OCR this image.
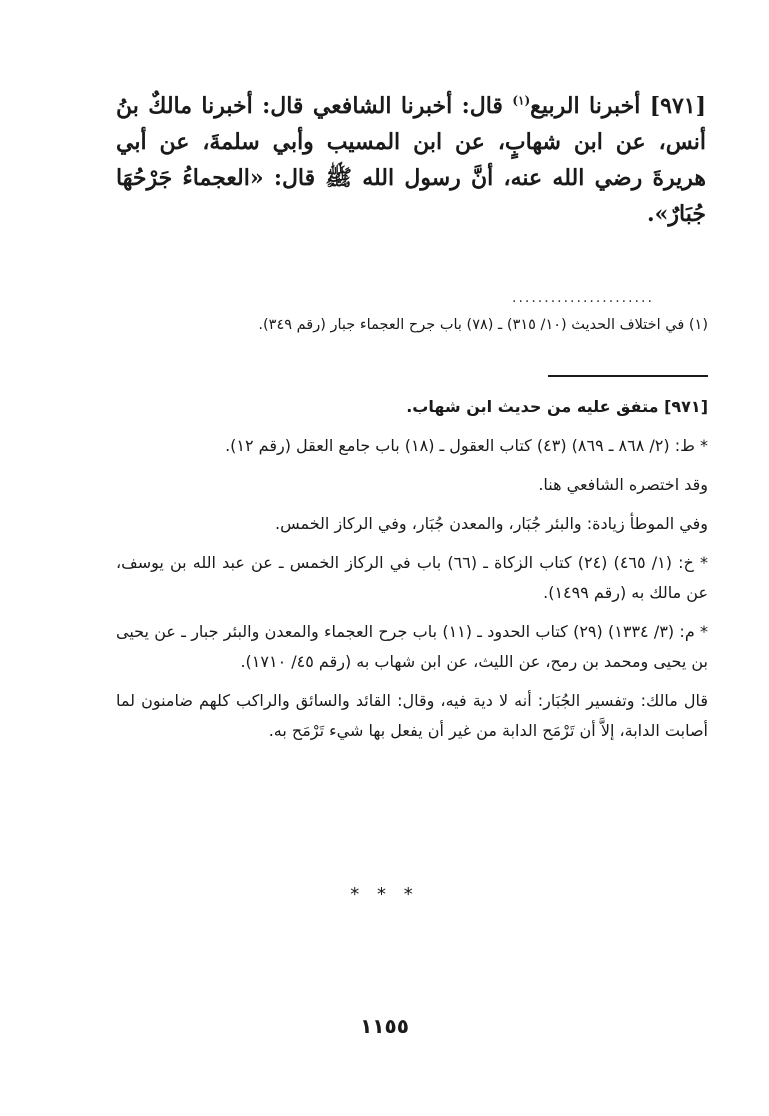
[٩٧١] أخبرنا الربيع$^{(١)}$ قال: أخبرنا الشافعي قال: أخبرنا مالكٌ بنُ أنس، عن ابن شهابٍ، عن ابن المسيب وأبي سلمةَ، عن أبي هريرةَ رضي الله عنه، أنَّ رسول الله ﷺ قال: «العجماءُ جَرْحُهَا جُبَارٌ».
......................
(١) في اختلاف الحديث (١٠/ ٣١٥) ـ (٧٨) باب جرح العجماء جبار (رقم ٣٤٩).

[٩٧١] متفق عليه من حديث ابن شهاب.

* ط: (٢/ ٨٦٨ ـ ٨٦٩) (٤٣) كتاب العقول ـ (١٨) باب جامع العقل (رقم ١٢).

وقد اختصره الشافعي هنا.

وفي الموطأ زيادة: والبئر جُبَار، والمعدن جُبَار، وفي الركاز الخمس.

* خ: (١/ ٤٦٥) (٢٤) كتاب الزكاة ـ (٦٦) باب في الركاز الخمس ـ عن عبد الله بن يوسف، عن مالك به (رقم ١٤٩٩).

* م: (٣/ ١٣٣٤) (٢٩) كتاب الحدود ـ (١١) باب جرح العجماء والمعدن والبئر جبار ـ عن يحيى بن يحيى ومحمد بن رمح، عن الليث، عن ابن شهاب به (رقم ٤٥/ ١٧١٠).

قال مالك: وتفسير الجُبَار: أنه لا دية فيه، وقال: القائد والسائق والراكب كلهم ضامنون لما أصابت الدابة، إلاَّ أن تَرْمَح الدابة من غير أن يفعل بها شيء تَرْمَح به.

* * *
١١٥٥
